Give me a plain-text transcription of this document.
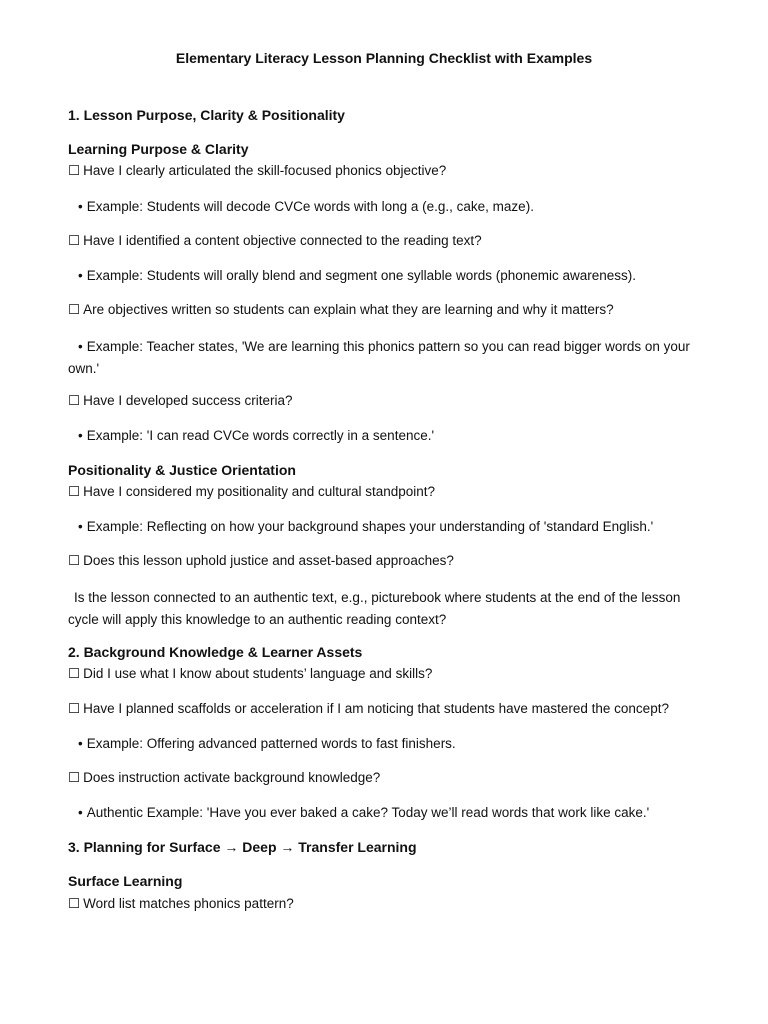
Elementary Literacy Lesson Planning Checklist with Examples
1. Lesson Purpose, Clarity & Positionality
Learning Purpose & Clarity
☐ Have I clearly articulated the skill-focused phonics objective?
• Example: Students will decode CVCe words with long a (e.g., cake, maze).
☐ Have I identified a content objective connected to the reading text?
• Example: Students will orally blend and segment one syllable words (phonemic awareness).
☐ Are objectives written so students can explain what they are learning and why it matters?
• Example: Teacher states, 'We are learning this phonics pattern so you can read bigger words on your own.'
☐ Have I developed success criteria?
• Example: 'I can read CVCe words correctly in a sentence.'
Positionality & Justice Orientation
☐ Have I considered my positionality and cultural standpoint?
• Example: Reflecting on how your background shapes your understanding of 'standard English.'
☐ Does this lesson uphold justice and asset-based approaches?
Is the lesson connected to an authentic text, e.g., picturebook where students at the end of the lesson cycle will apply this knowledge to an authentic reading context?
2. Background Knowledge & Learner Assets
☐ Did I use what I know about students’ language and skills?
☐ Have I planned scaffolds or acceleration if I am noticing that students have mastered the concept?
• Example: Offering advanced patterned words to fast finishers.
☐ Does instruction activate background knowledge?
• Authentic Example: 'Have you ever baked a cake? Today we’ll read words that work like cake.'
3. Planning for Surface → Deep → Transfer Learning
Surface Learning
☐ Word list matches phonics pattern?
